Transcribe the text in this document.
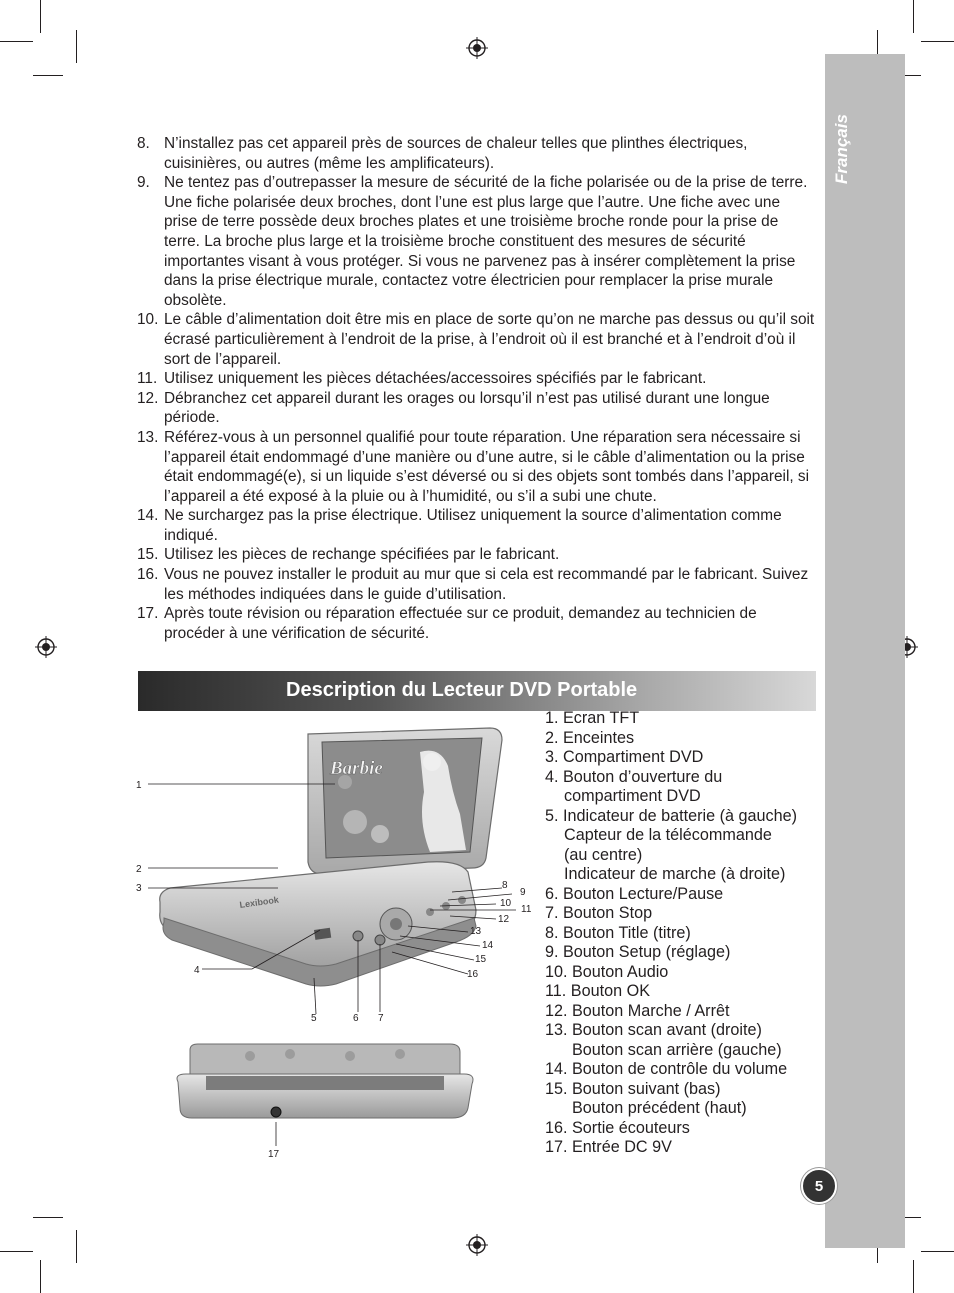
Français
5
8. N’installez pas cet appareil près de sources de chaleur telles que plinthes électriques, cuisinières, ou autres (même les amplificateurs).
9. Ne tentez pas d’outrepasser la mesure de sécurité de la fiche polarisée ou de la prise de terre. Une fiche polarisée deux broches, dont l’une est plus large que l’autre. Une fiche avec une prise de terre possède deux broches plates et une troisième broche ronde pour la prise de terre. La broche plus large et la troisième broche constituent des mesures de sécurité importantes visant à vous protéger. Si vous ne parvenez pas à insérer complètement la prise dans la prise électrique murale, contactez votre électricien pour remplacer la prise murale obsolète.
10. Le câble d’alimentation doit être mis en place de sorte qu’on ne marche pas dessus ou qu’il soit écrasé particulièrement à l’endroit de la prise, à l’endroit où il est branché et à l’endroit d’où il sort de l’appareil.
11. Utilisez uniquement les pièces détachées/accessoires spécifiés par le fabricant.
12. Débranchez cet appareil durant les orages ou lorsqu’il n’est pas utilisé durant une longue période.
13. Référez-vous à un personnel qualifié pour toute réparation. Une réparation sera nécessaire si l’appareil était endommagé d’une manière ou d’une autre, si le câble d’alimentation ou la prise était endommagé(e), si un liquide s’est déversé ou si des objets sont tombés dans l’appareil, si l’appareil a été exposé à la pluie ou à l’humidité, ou s’il a subi une chute.
14. Ne surchargez pas la prise électrique. Utilisez uniquement la source d’alimentation comme indiqué.
15. Utilisez les pièces de rechange spécifiées par le fabricant.
16. Vous ne pouvez installer le produit au mur que si cela est recommandé par le fabricant. Suivez les méthodes indiquées dans le guide d’utilisation.
17. Après toute révision ou réparation effectuée sur ce produit, demandez au technicien de procéder à une vérification de sécurité.
Description du Lecteur DVD Portable
1. Ecran TFT
2. Enceintes
3. Compartiment DVD
4. Bouton d’ouverture du
compartiment DVD
5. Indicateur de batterie (à gauche)
Capteur de la télécommande
(au centre)
Indicateur de marche (à droite)
6. Bouton Lecture/Pause
7. Bouton Stop
8. Bouton Title (titre)
9. Bouton Setup (réglage)
10. Bouton Audio
11. Bouton OK
12. Bouton Marche / Arrêt
13. Bouton scan avant (droite)
Bouton scan arrière (gauche)
14. Bouton de contrôle du volume
15. Bouton suivant (bas)
Bouton précédent (haut)
16. Sortie écouteurs
17. Entrée DC 9V
Barbie
Lexibook
1
2
3
4
5	6 7
8
9
10
11
12
13
14
15
16
17
